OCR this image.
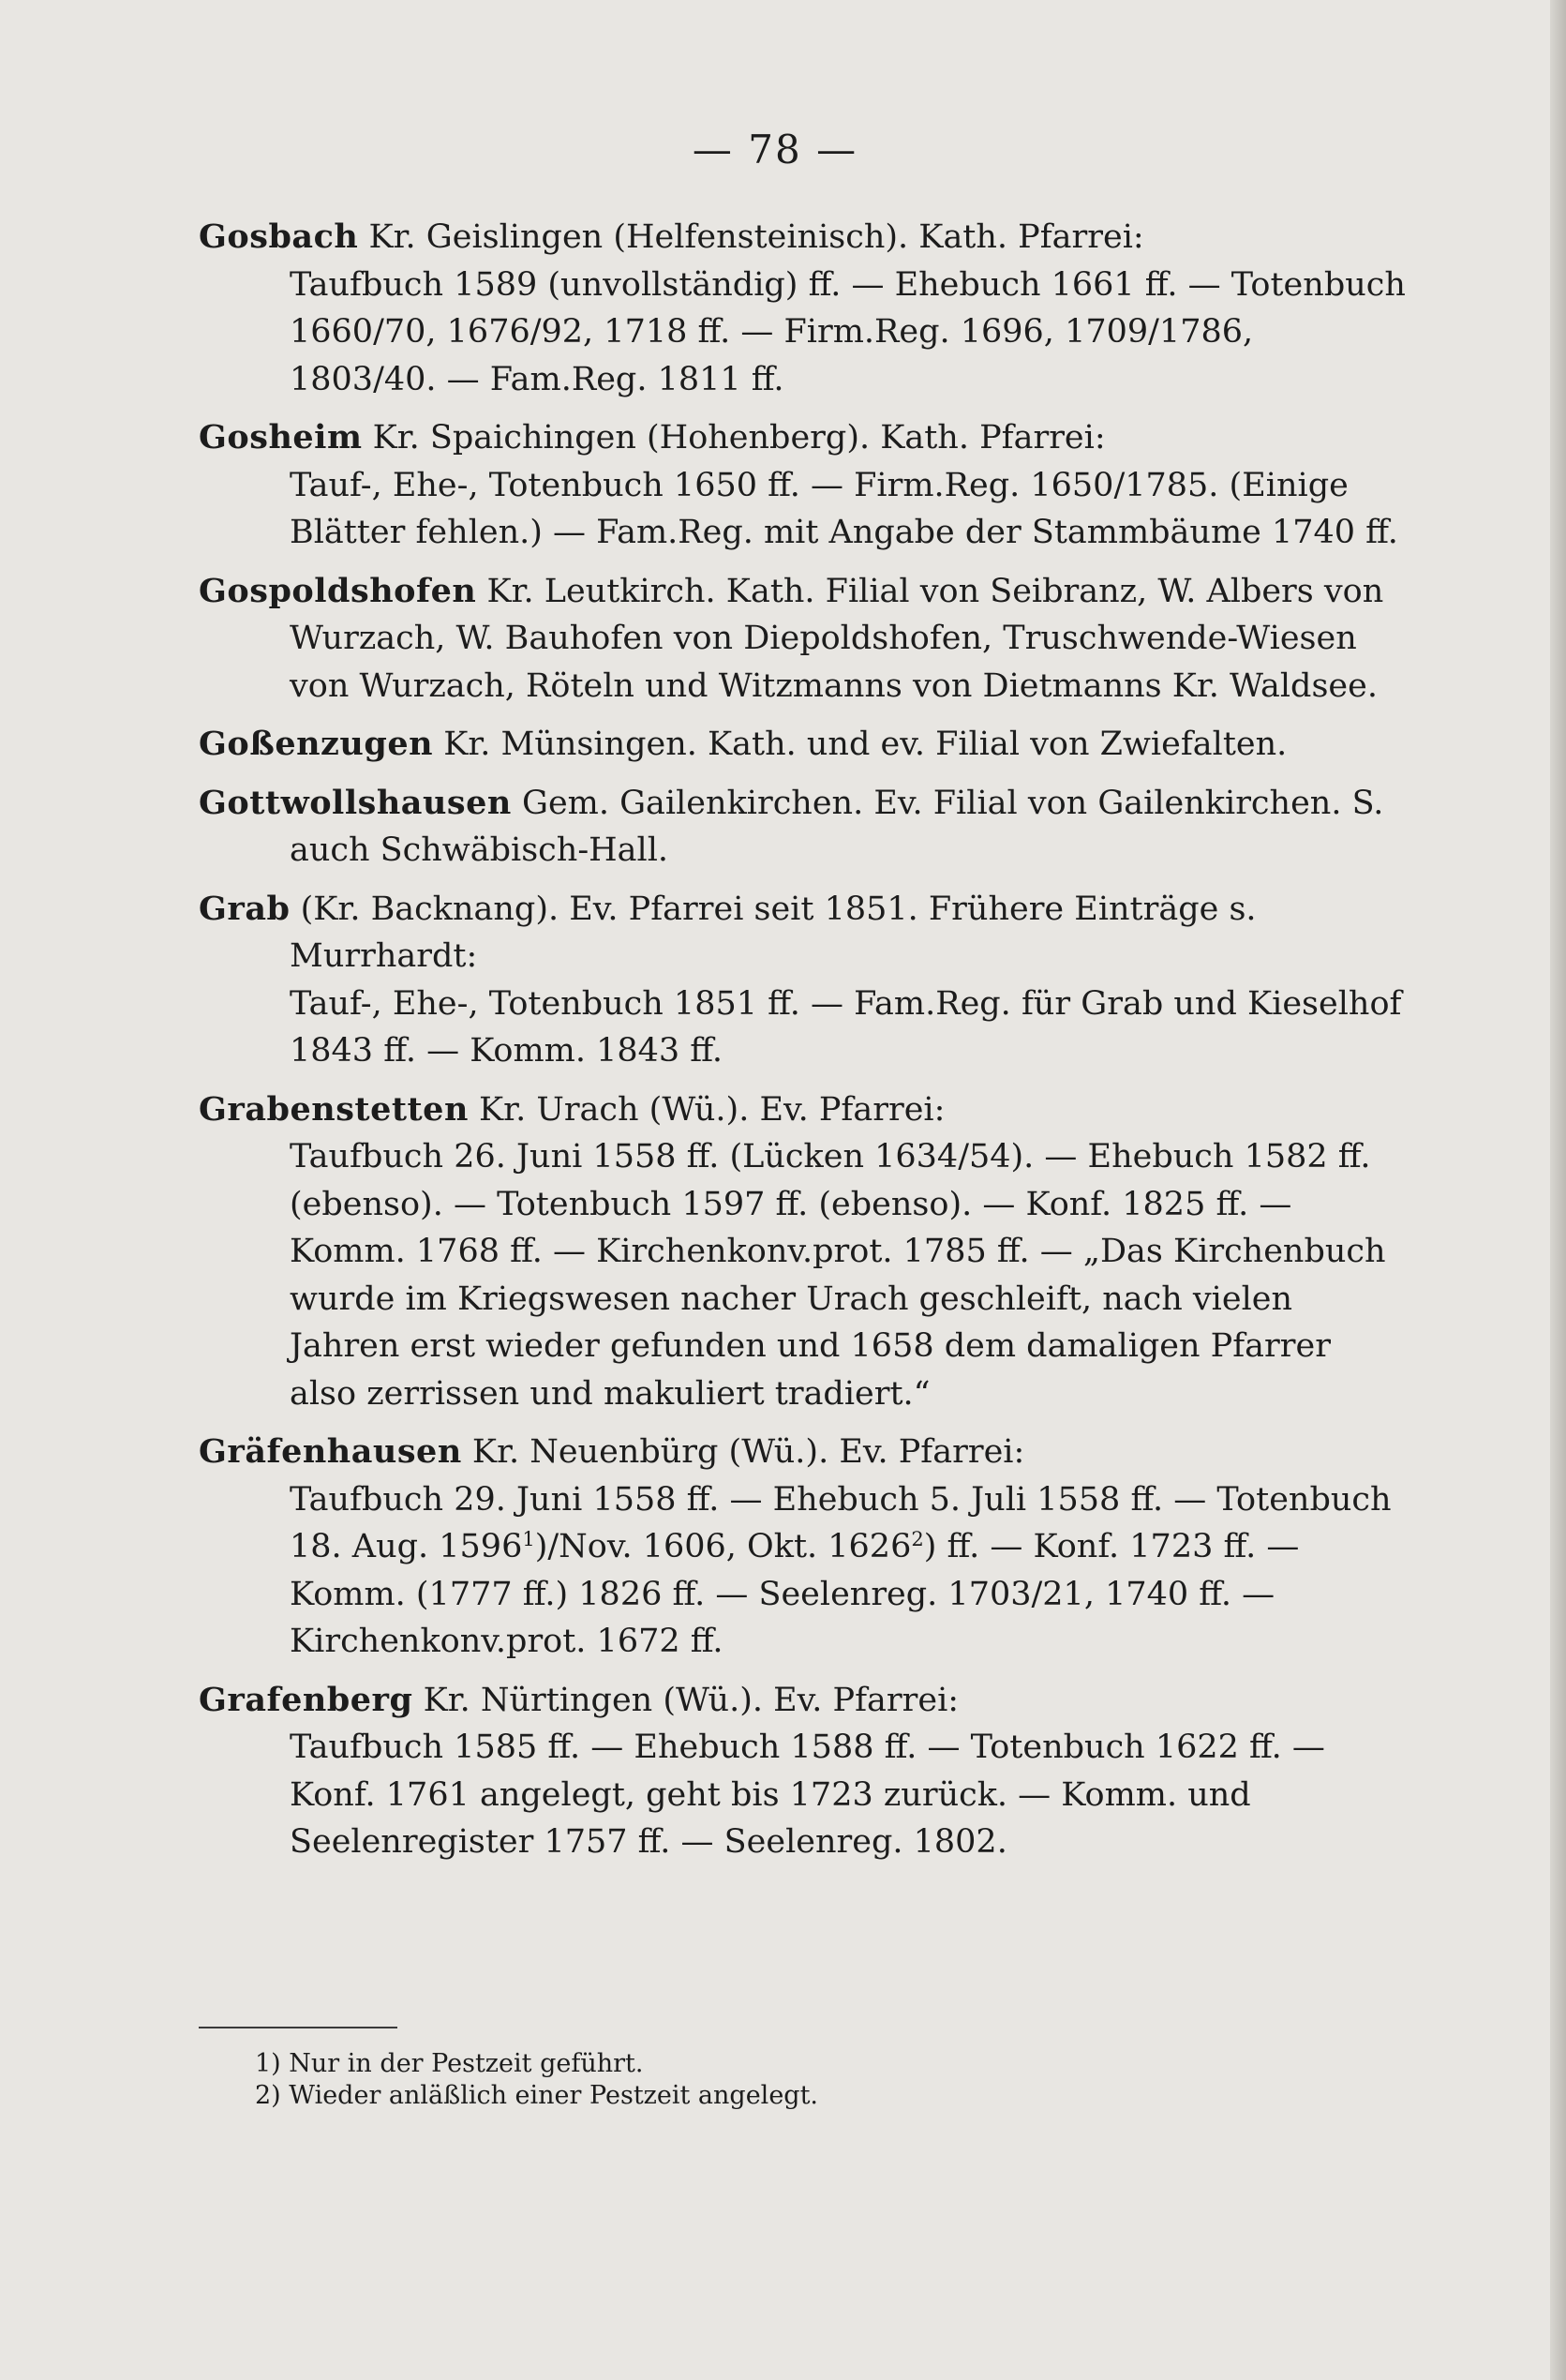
— 78 —
Gosbach Kr. Geislingen (Helfensteinisch). Kath. Pfarrei:
Taufbuch 1589 (unvollständig) ff. — Ehebuch 1661 ff. — Totenbuch 1660/70, 1676/92, 1718 ff. — Firm.Reg. 1696, 1709/1786, 1803/40. — Fam.Reg. 1811 ff.
Gosheim Kr. Spaichingen (Hohenberg). Kath. Pfarrei:
Tauf-, Ehe-, Totenbuch 1650 ff. — Firm.Reg. 1650/1785. (Einige Blätter fehlen.) — Fam.Reg. mit Angabe der Stammbäume 1740 ff.
Gospoldshofen Kr. Leutkirch. Kath. Filial von Seibranz, W. Albers von Wurzach, W. Bauhofen von Diepoldshofen, Truschwende-Wiesen von Wurzach, Röteln und Witzmanns von Dietmanns Kr. Waldsee.
Goßenzugen Kr. Münsingen. Kath. und ev. Filial von Zwiefalten.
Gottwollshausen Gem. Gailenkirchen. Ev. Filial von Gailenkirchen. S. auch Schwäbisch-Hall.
Grab (Kr. Backnang). Ev. Pfarrei seit 1851. Frühere Einträge s. Murrhardt:
Tauf-, Ehe-, Totenbuch 1851 ff. — Fam.Reg. für Grab und Kieselhof 1843 ff. — Komm. 1843 ff.
Grabenstetten Kr. Urach (Wü.). Ev. Pfarrei:
Taufbuch 26. Juni 1558 ff. (Lücken 1634/54). — Ehebuch 1582 ff. (ebenso). — Totenbuch 1597 ff. (ebenso). — Konf. 1825 ff. — Komm. 1768 ff. — Kirchenkonv.prot. 1785 ff. — „Das Kirchenbuch wurde im Kriegswesen nacher Urach geschleift, nach vielen Jahren erst wieder gefunden und 1658 dem damaligen Pfarrer also zerrissen und makuliert tradiert.“
Gräfenhausen Kr. Neuenbürg (Wü.). Ev. Pfarrei:
Taufbuch 29. Juni 1558 ff. — Ehebuch 5. Juli 1558 ff. — Totenbuch 18. Aug. 1596$^1$)/Nov. 1606, Okt. 1626$^2$) ff. — Konf. 1723 ff. — Komm. (1777 ff.) 1826 ff. — Seelenreg. 1703/21, 1740 ff. — Kirchenkonv.prot. 1672 ff.
Grafenberg Kr. Nürtingen (Wü.). Ev. Pfarrei:
Taufbuch 1585 ff. — Ehebuch 1588 ff. — Totenbuch 1622 ff. — Konf. 1761 angelegt, geht bis 1723 zurück. — Komm. und Seelenregister 1757 ff. — Seelenreg. 1802.
1) Nur in der Pestzeit geführt.
2) Wieder anläßlich einer Pestzeit angelegt.
